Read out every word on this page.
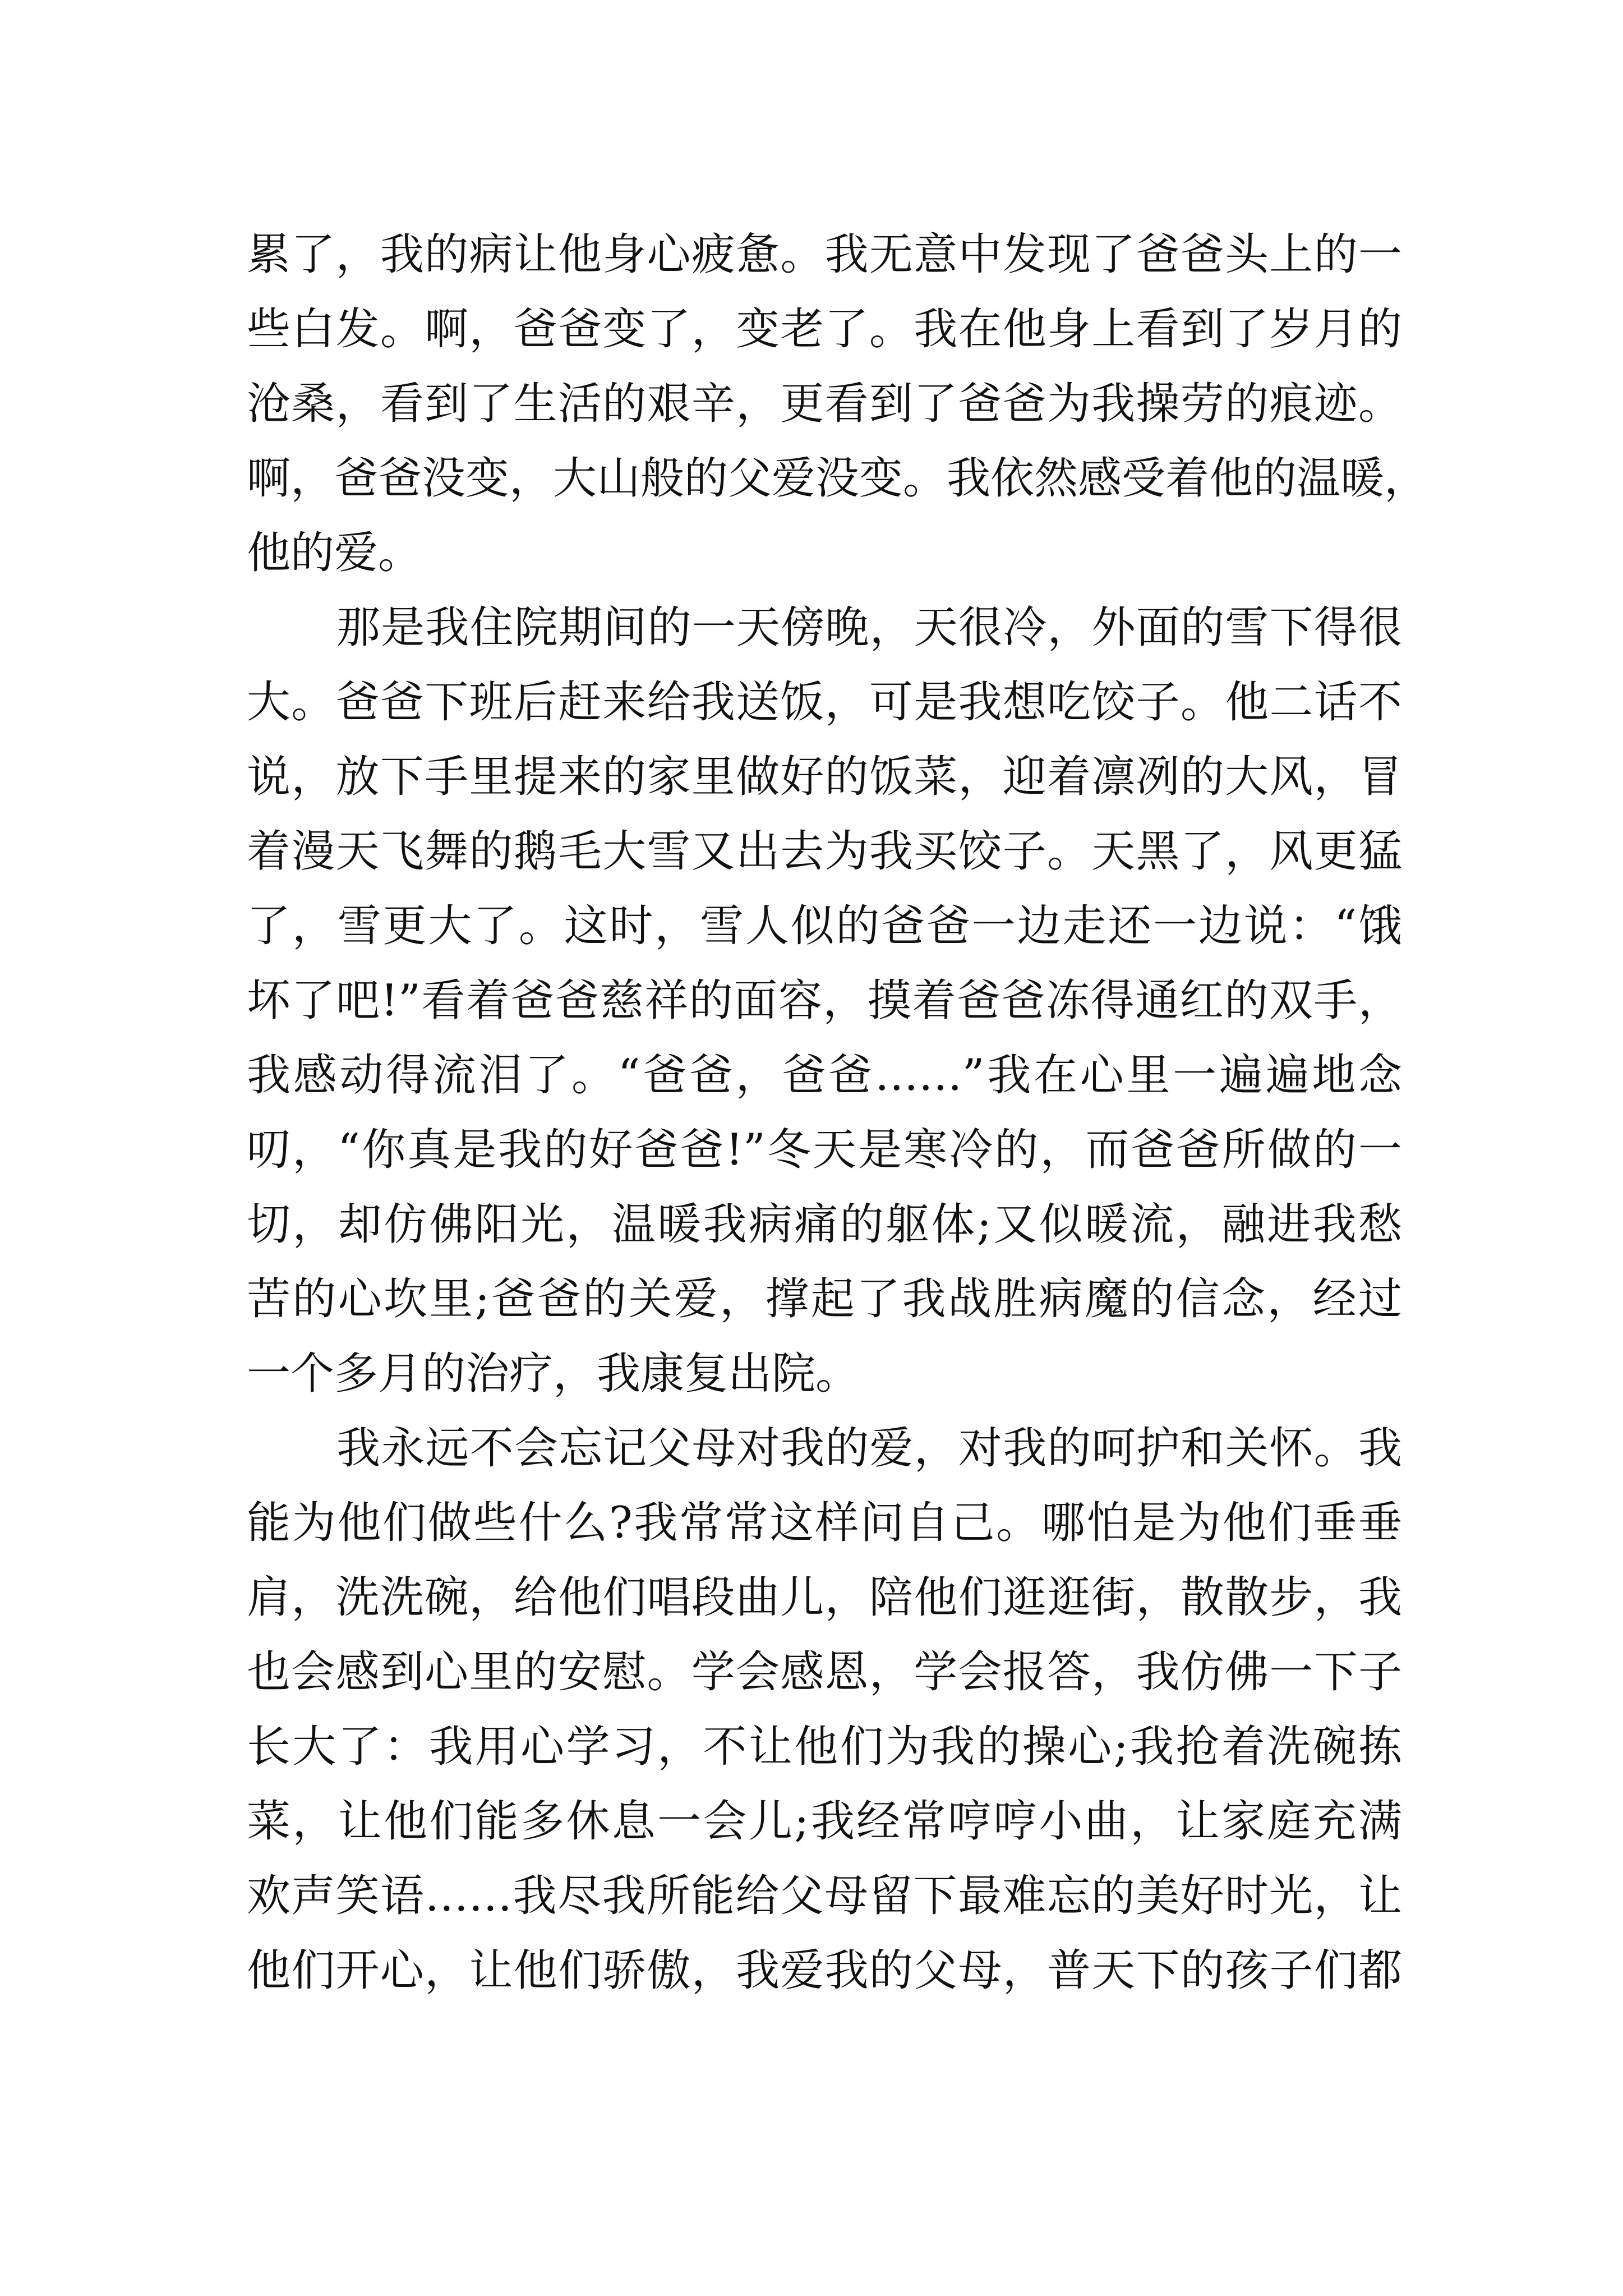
累了，我的病让他身心疲惫。我无意中发现了爸爸头上的一
些白发。啊，爸爸变了，变老了。我在他身上看到了岁月的
沧桑，看到了生活的艰辛，更看到了爸爸为我操劳的痕迹。
啊，爸爸没变，大山般的父爱没变。我依然感受着他的温暖，
他的爱。
那是我住院期间的一天傍晚，天很冷，外面的雪下得很
大。爸爸下班后赶来给我送饭，可是我想吃饺子。他二话不
说，放下手里提来的家里做好的饭菜，迎着凛冽的大风，冒
着漫天飞舞的鹅毛大雪又出去为我买饺子。天黑了，风更猛
了，雪更大了。这时，雪人似的爸爸一边走还一边说：“饿
坏了吧!”看着爸爸慈祥的面容，摸着爸爸冻得通红的双手，
我感动得流泪了。“爸爸，爸爸……”我在心里一遍遍地念
叨，“你真是我的好爸爸!”冬天是寒冷的，而爸爸所做的一
切，却仿佛阳光，温暖我病痛的躯体;又似暖流，融进我愁
苦的心坎里;爸爸的关爱，撑起了我战胜病魔的信念，经过
一个多月的治疗，我康复出院。
我永远不会忘记父母对我的爱，对我的呵护和关怀。我
能为他们做些什么?我常常这样问自己。哪怕是为他们垂垂
肩，洗洗碗，给他们唱段曲儿，陪他们逛逛街，散散步，我
也会感到心里的安慰。学会感恩，学会报答，我仿佛一下子
长大了：我用心学习，不让他们为我的操心;我抢着洗碗拣
菜，让他们能多休息一会儿;我经常哼哼小曲，让家庭充满
欢声笑语……我尽我所能给父母留下最难忘的美好时光，让
他们开心，让他们骄傲，我爱我的父母，普天下的孩子们都
